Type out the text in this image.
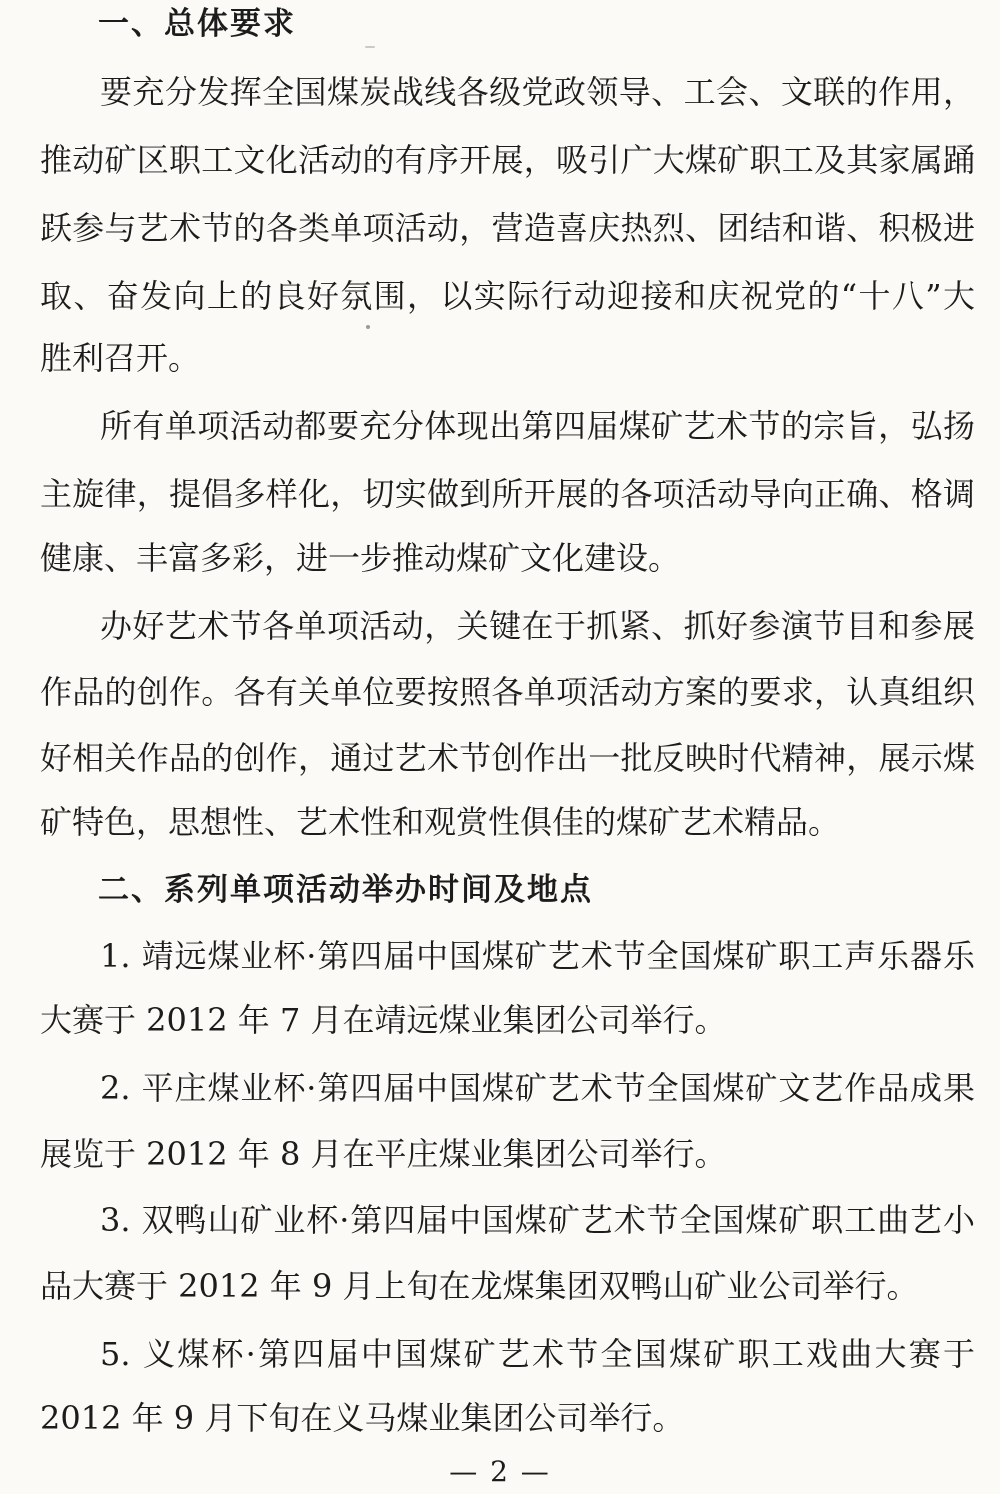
一、总体要求
要充分发挥全国煤炭战线各级党政领导、工会、文联的作用，
推动矿区职工文化活动的有序开展，吸引广大煤矿职工及其家属踊
跃参与艺术节的各类单项活动，营造喜庆热烈、团结和谐、积极进
取、奋发向上的良好氛围，以实际行动迎接和庆祝党的“十八”大
胜利召开。
所有单项活动都要充分体现出第四届煤矿艺术节的宗旨，弘扬
主旋律，提倡多样化，切实做到所开展的各项活动导向正确、格调
健康、丰富多彩，进一步推动煤矿文化建设。
办好艺术节各单项活动，关键在于抓紧、抓好参演节目和参展
作品的创作。各有关单位要按照各单项活动方案的要求，认真组织
好相关作品的创作，通过艺术节创作出一批反映时代精神，展示煤
矿特色，思想性、艺术性和观赏性俱佳的煤矿艺术精品。
二、系列单项活动举办时间及地点
1. 靖远煤业杯·第四届中国煤矿艺术节全国煤矿职工声乐器乐
大赛于 2012 年 7 月在靖远煤业集团公司举行。
2. 平庄煤业杯·第四届中国煤矿艺术节全国煤矿文艺作品成果
展览于 2012 年 8 月在平庄煤业集团公司举行。
3. 双鸭山矿业杯·第四届中国煤矿艺术节全国煤矿职工曲艺小
品大赛于 2012 年 9 月上旬在龙煤集团双鸭山矿业公司举行。
5. 义煤杯·第四届中国煤矿艺术节全国煤矿职工戏曲大赛于
2012 年 9 月下旬在义马煤业集团公司举行。
— 2 —
